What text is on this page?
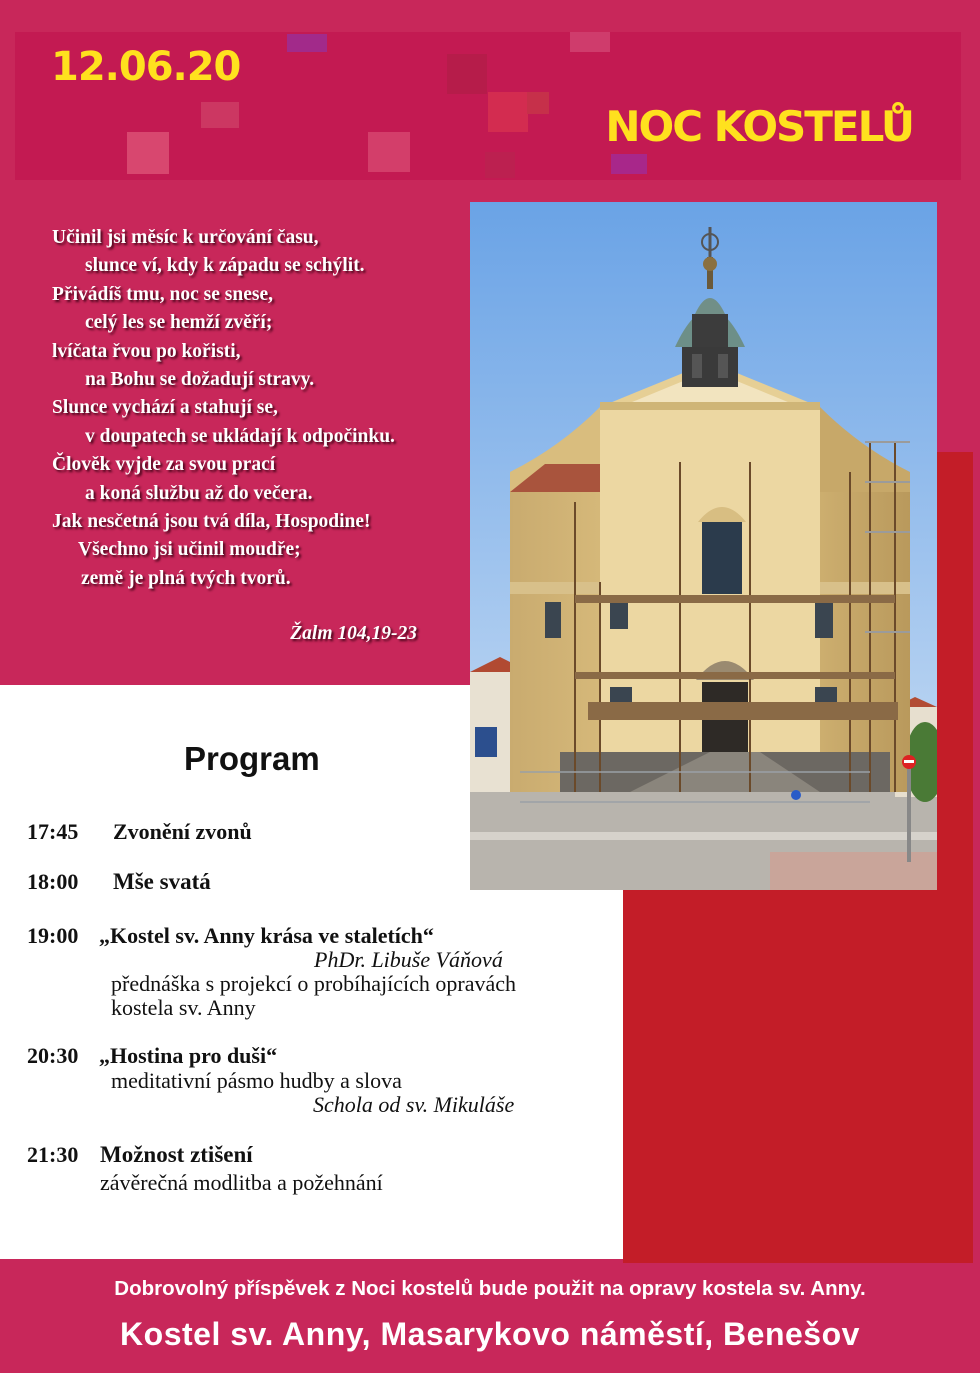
12.06.20
NOC KOSTELŮ
Učinil jsi měsíc k určování času,
slunce ví, kdy k západu se schýlit.
Přivádíš tmu, noc se snese,
celý les se hemží zvěří;
lvíčata řvou po kořisti,
na Bohu se dožadují stravy.
Slunce vychází a stahují se,
v doupatech se ukládají k odpočinku.
Člověk vyjde za svou prací
a koná službu až do večera.
Jak nesčetná jsou tvá díla, Hospodine!
Všechno jsi učinil moudře;
země je plná tvých tvorů.
Žalm 104,19-23
Program
17:45 Zvonění zvonů
18:00 Mše svatá
19:00 „Kostel sv. Anny krása ve staletích“
PhDr. Libuše Váňová
přednáška s projekcí o probíhajících opravách
kostela sv. Anny
20:30 „Hostina pro duši“
meditativní pásmo hudby a slova
Schola od sv. Mikuláše
21:30 Možnost ztišení
závěrečná modlitba a požehnání
Dobrovolný příspěvek z Noci kostelů bude použit na opravy kostela sv. Anny.
Kostel sv. Anny, Masarykovo náměstí, Benešov
